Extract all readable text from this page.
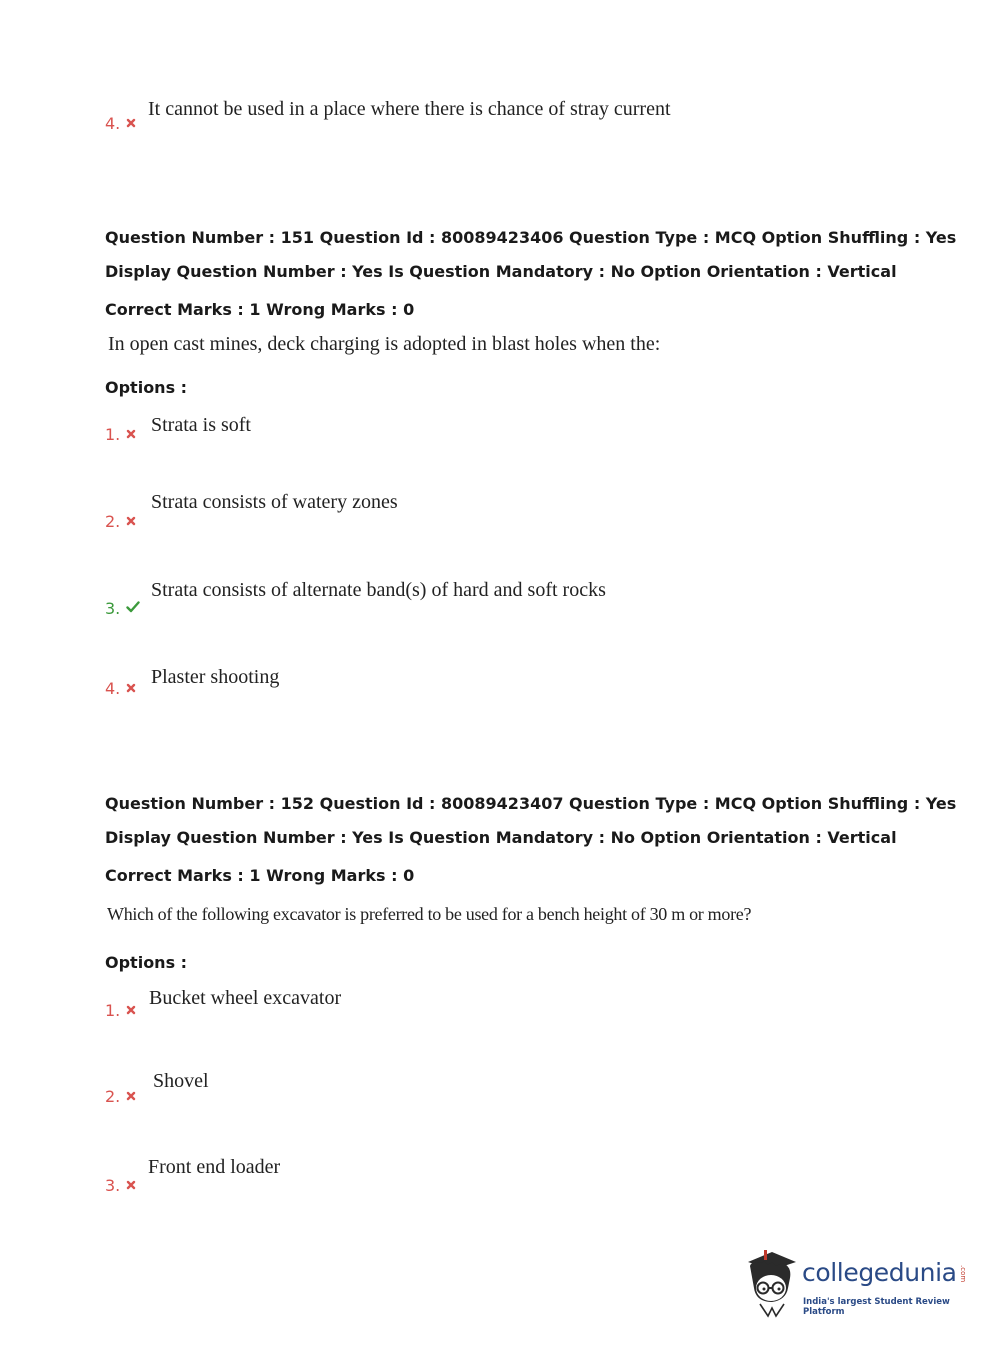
4.
It cannot be used in a place where there is chance of stray current
Question Number : 151 Question Id : 80089423406 Question Type : MCQ Option Shuffling : Yes
Display Question Number : Yes Is Question Mandatory : No Option Orientation : Vertical
Correct Marks : 1 Wrong Marks : 0
In open cast mines, deck charging is adopted in blast holes when the:
Options :
1.	Strata is soft
2.
Strata consists of watery zones
3.
Strata consists of alternate band(s) of hard and soft rocks
4.
Plaster shooting
Question Number : 152 Question Id : 80089423407 Question Type : MCQ Option Shuffling : Yes
Display Question Number : Yes Is Question Mandatory : No Option Orientation : Vertical
Correct Marks : 1 Wrong Marks : 0
Which of the following excavator is preferred to be used for a bench height of 30 m or more?
Options :
1.
Bucket wheel excavator
2.
Shovel
3.
Front end loader
collegedunia .com
India's largest Student Review Platform
